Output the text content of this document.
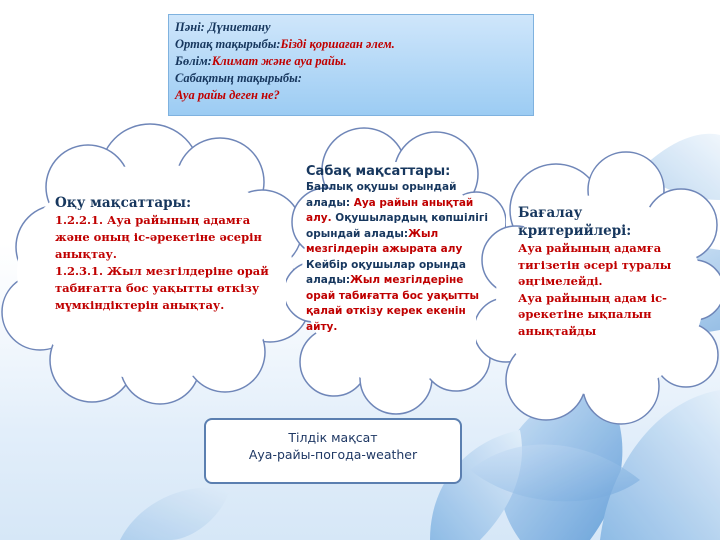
Пәні: Дүниетану
Ортақ тақырыбы:Бізді қоршаған әлем.
Бөлім:Климат және ауа райы.
Сабақтың тақырыбы:
Ауа райы деген не?
Оқу мақсаттары:
1.2.2.1. Ауа райының адамға және оның іс-әрекетіне әсерін анықтау.
1.2.3.1. Жыл мезгілдеріне орай табиғатта бос уақытты өткізу мүмкіндіктерін анықтау.
Сабақ мақсаттары:
Барлық оқушы орындай алады: Ауа райын анықтай алу. Оқушылардың көпшілігі орындай алады:Жыл мезгілдерін ажырата алу Кейбір оқушылар орында алады:Жыл мезгілдеріне орай табиғатта бос уақытты қалай өткізу керек екенін айту.
Бағалау критерийлері:
Ауа райының адамға тигізетін әсері туралы әңгімелейді.
Ауа райының адам іс-әрекетіне ықпалын анықтайды
Тілдік мақсат
Ауа-райы-погода-weather
